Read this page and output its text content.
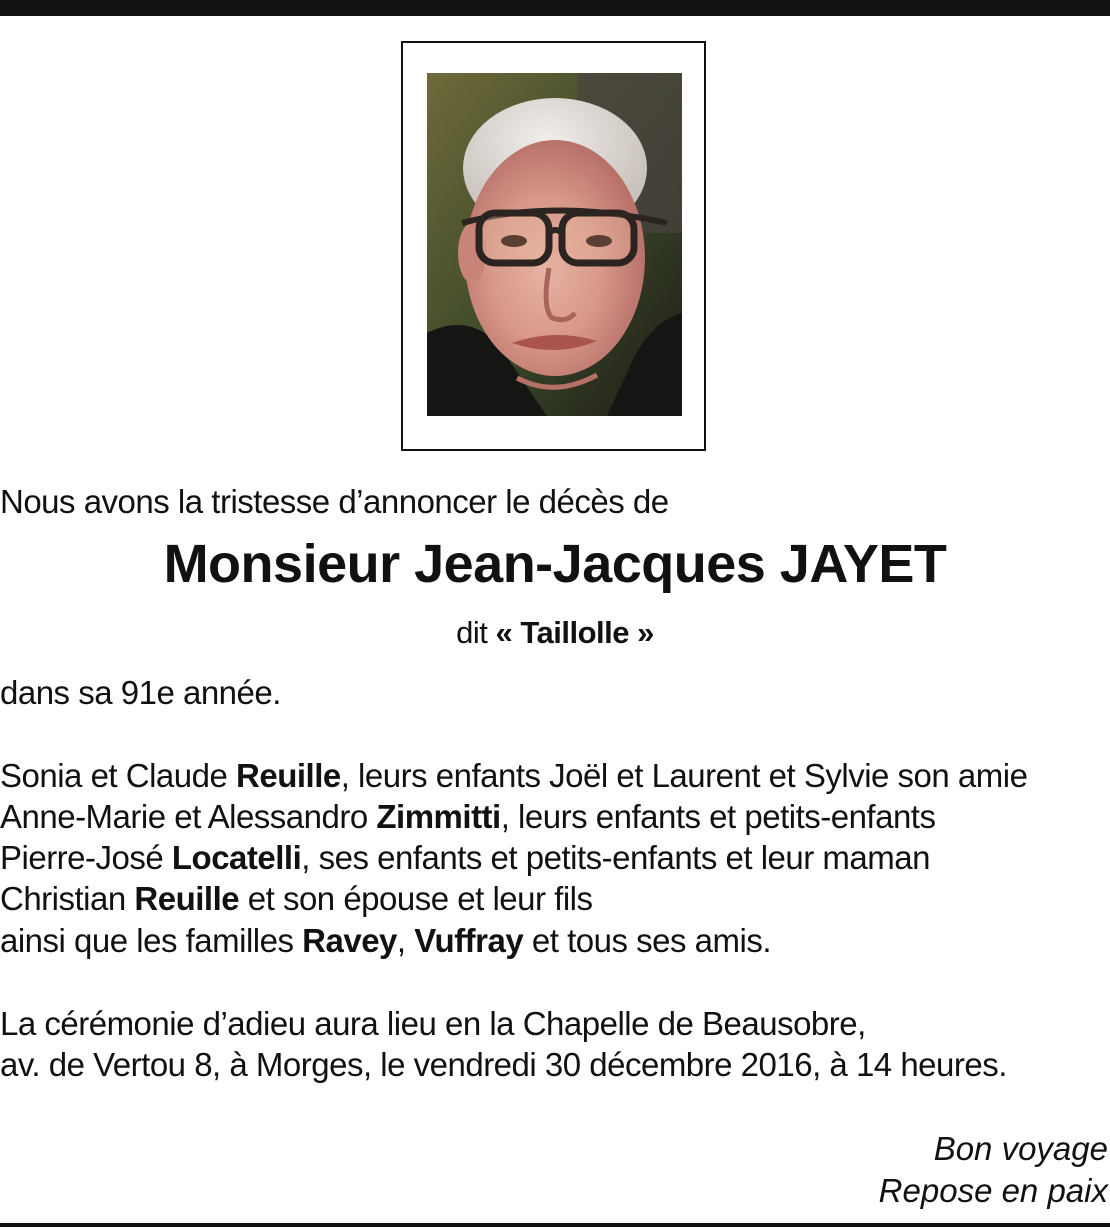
Nous avons la tristesse d’annoncer le décès de
Monsieur Jean-Jacques JAYET
dit « Taillolle »
dans sa 91e année.
Sonia et Claude Reuille, leurs enfants Joël et Laurent et Sylvie son amie
Anne-Marie et Alessandro Zimmitti, leurs enfants et petits-enfants
Pierre-José Locatelli, ses enfants et petits-enfants et leur maman
Christian Reuille et son épouse et leur fils
ainsi que les familles Ravey, Vuffray et tous ses amis.
La cérémonie d’adieu aura lieu en la Chapelle de Beausobre,
av. de Vertou 8, à Morges, le vendredi 30 décembre 2016, à 14 heures.
Bon voyage
Repose en paix
